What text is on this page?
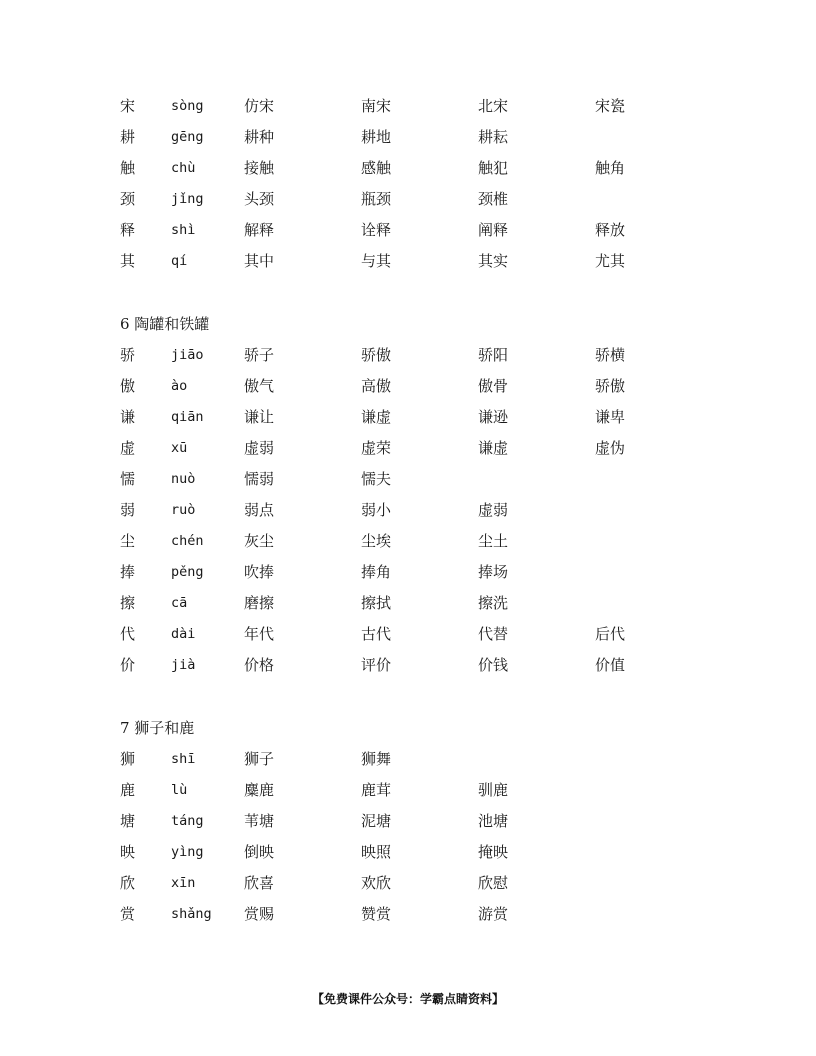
宋	sòng	仿宋	南宋	北宋	宋瓷
耕	gēng	耕种	耕地	耕耘
触	chù	接触	感触	触犯	触角
颈	jǐng	头颈	瓶颈	颈椎
释	shì	解释	诠释	阐释	释放
其	qí	其中	与其	其实	尤其
6 陶罐和铁罐
骄	jiāo	骄子	骄傲	骄阳	骄横
傲	ào	傲气	高傲	傲骨	骄傲
谦	qiān	谦让	谦虚	谦逊	谦卑
虚	xū	虚弱	虚荣	谦虚	虚伪
懦	nuò	懦弱	懦夫
弱	ruò	弱点	弱小	虚弱
尘	chén	灰尘	尘埃	尘土
捧	pěng	吹捧	捧角	捧场
擦	cā	磨擦	擦拭	擦洗
代	dài	年代	古代	代替	后代
价	jià	价格	评价	价钱	价值
7 狮子和鹿
狮	shī	狮子	狮舞
鹿	lù	麋鹿	鹿茸	驯鹿
塘	táng	苇塘	泥塘	池塘
映	yìng	倒映	映照	掩映
欣	xīn	欣喜	欢欣	欣慰
赏	shǎng 赏赐	赞赏	游赏
【免费课件公众号：学霸点睛资料】
